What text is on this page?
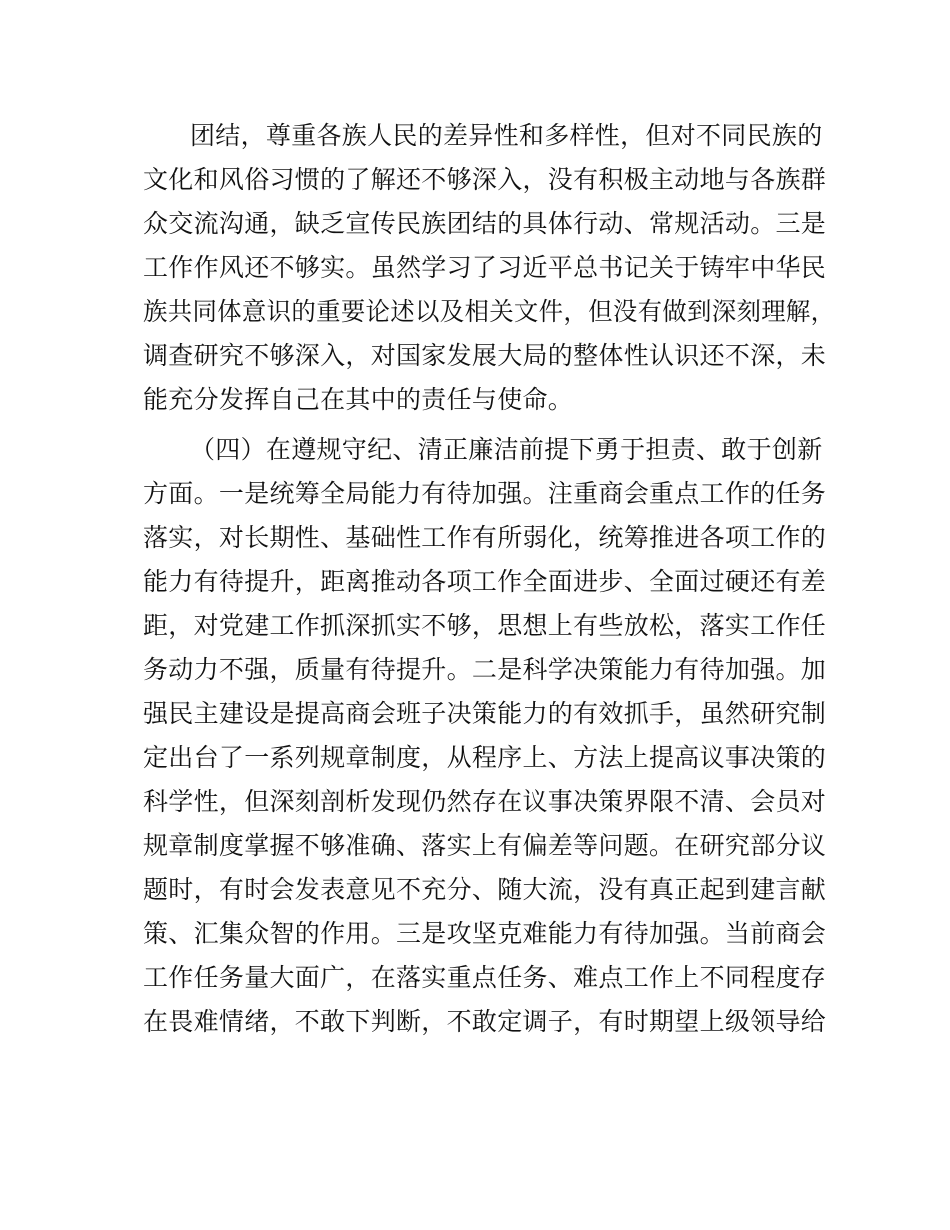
团结，尊重各族人民的差异性和多样性，但对不同民族的
文化和风俗习惯的了解还不够深入，没有积极主动地与各族群
众交流沟通，缺乏宣传民族团结的具体行动、常规活动。三是
工作作风还不够实。虽然学习了习近平总书记关于铸牢中华民
族共同体意识的重要论述以及相关文件，但没有做到深刻理解，
调查研究不够深入，对国家发展大局的整体性认识还不深，未
能充分发挥自己在其中的责任与使命。
（四）在遵规守纪、清正廉洁前提下勇于担责、敢于创新
方面。一是统筹全局能力有待加强。注重商会重点工作的任务
落实，对长期性、基础性工作有所弱化，统筹推进各项工作的
能力有待提升，距离推动各项工作全面进步、全面过硬还有差
距，对党建工作抓深抓实不够，思想上有些放松，落实工作任
务动力不强，质量有待提升。二是科学决策能力有待加强。加
强民主建设是提高商会班子决策能力的有效抓手，虽然研究制
定出台了一系列规章制度，从程序上、方法上提高议事决策的
科学性，但深刻剖析发现仍然存在议事决策界限不清、会员对
规章制度掌握不够准确、落实上有偏差等问题。在研究部分议
题时，有时会发表意见不充分、随大流，没有真正起到建言献
策、汇集众智的作用。三是攻坚克难能力有待加强。当前商会
工作任务量大面广，在落实重点任务、难点工作上不同程度存
在畏难情绪，不敢下判断，不敢定调子，有时期望上级领导给
